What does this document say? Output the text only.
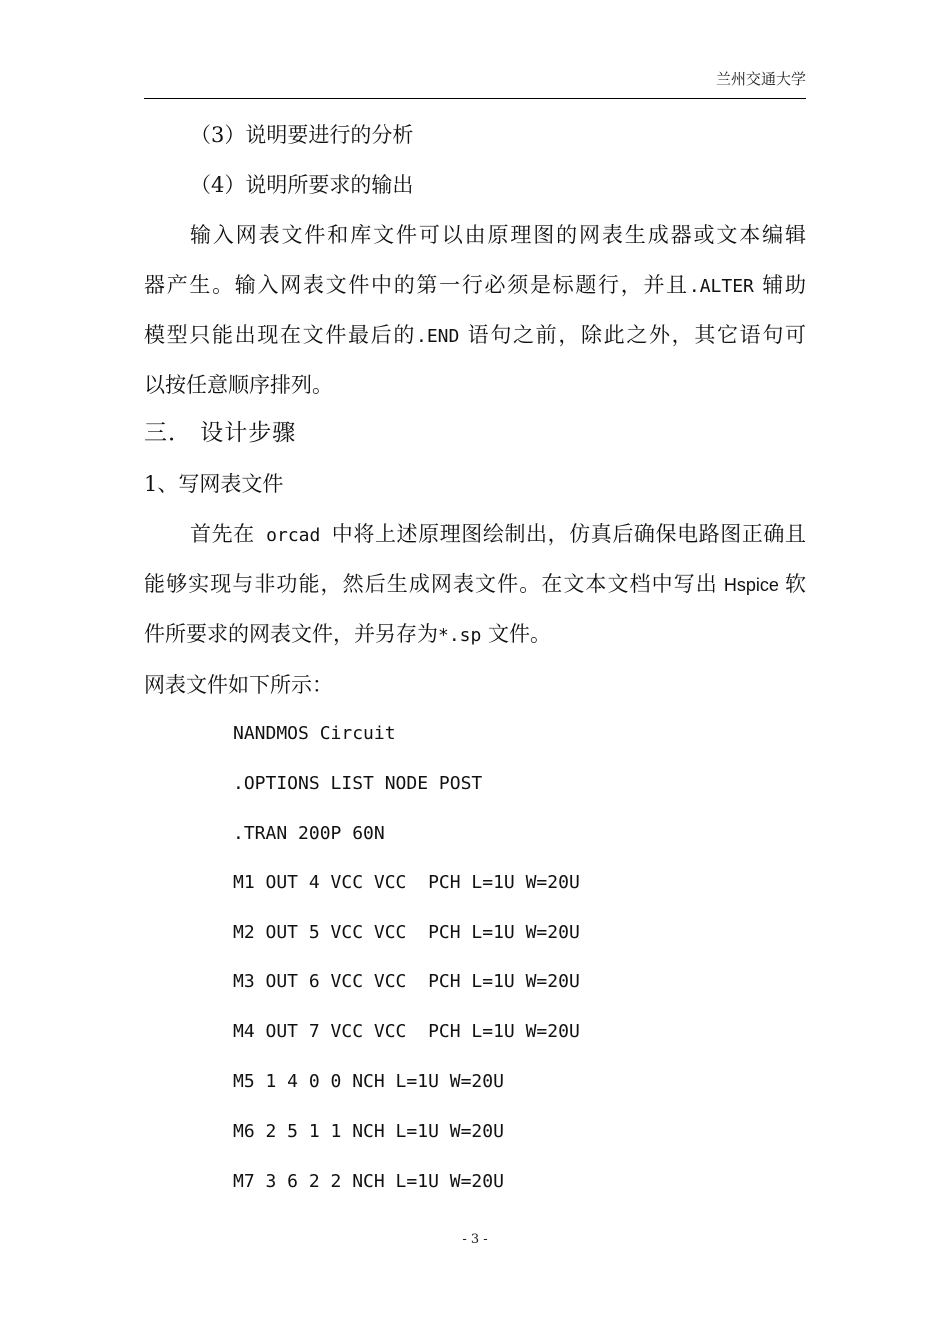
兰州交通大学
（3）说明要进行的分析
（4）说明所要求的输出
输入网表文件和库文件可以由原理图的网表生成器或文本编辑
器产生。输入网表文件中的第一行必须是标题行，并且.ALTER 辅助
模型只能出现在文件最后的.END 语句之前，除此之外，其它语句可
以按任意顺序排列。
三． 设计步骤
1、写网表文件
首先在 orcad 中将上述原理图绘制出，仿真后确保电路图正确且
能够实现与非功能，然后生成网表文件。在文本文档中写出 Hspice 软
件所要求的网表文件，并另存为*.sp 文件。
网表文件如下所示：
NANDMOS Circuit
.OPTIONS LIST NODE POST
.TRAN 200P 60N
M1 OUT 4 VCC VCC  PCH L=1U W=20U
M2 OUT 5 VCC VCC  PCH L=1U W=20U
M3 OUT 6 VCC VCC  PCH L=1U W=20U
M4 OUT 7 VCC VCC  PCH L=1U W=20U
M5 1 4 0 0 NCH L=1U W=20U
M6 2 5 1 1 NCH L=1U W=20U
M7 3 6 2 2 NCH L=1U W=20U
- 3 -
